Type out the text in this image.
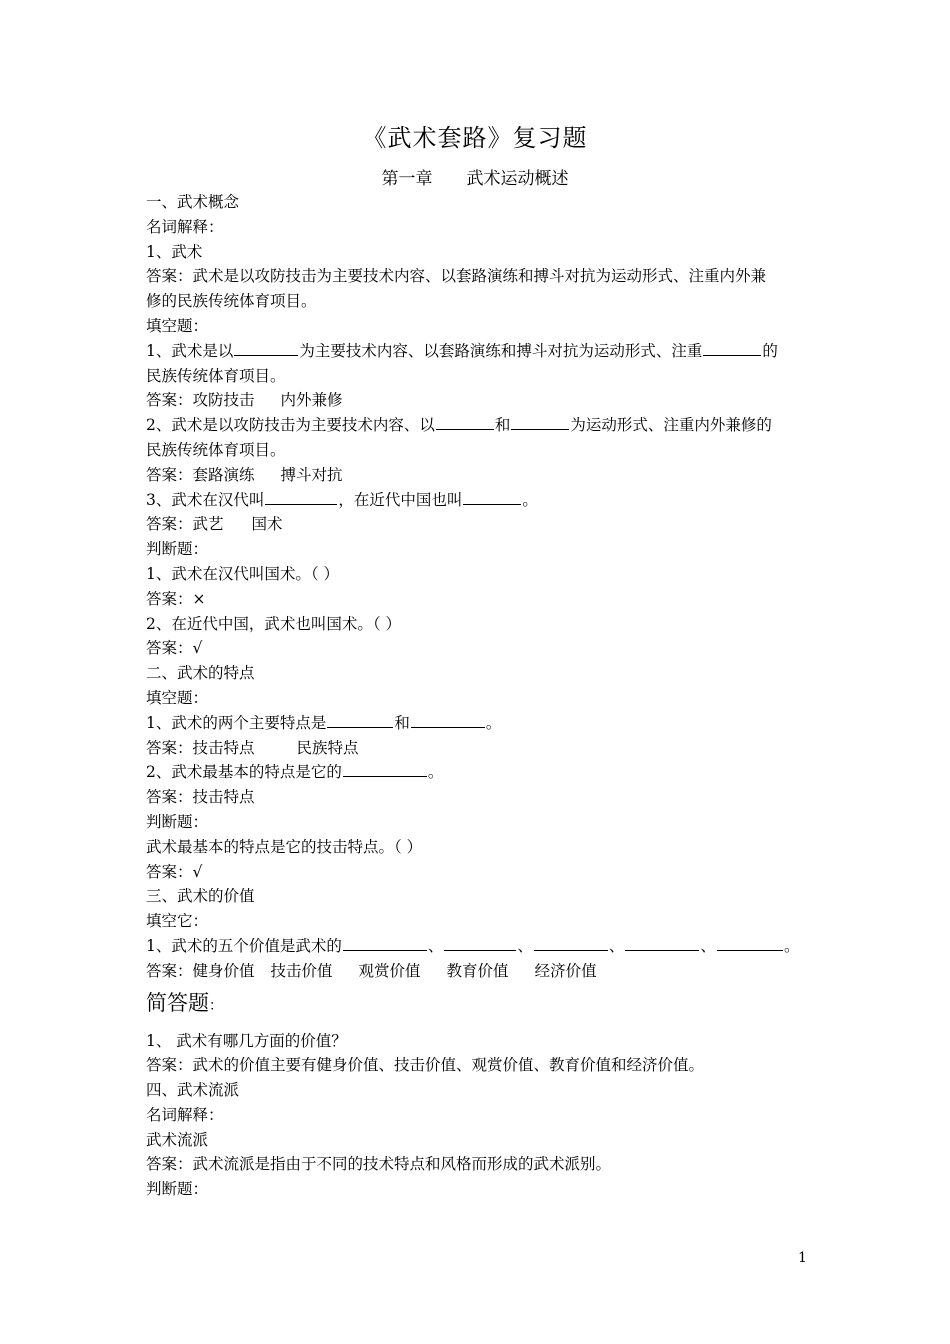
《武术套路》复习题
第一章 武术运动概述
一、武术概念
名词解释：
1、武术
答案：武术是以攻防技击为主要技术内容、以套路演练和搏斗对抗为运动形式、注重内外兼
修的民族传统体育项目。
填空题：
1、武术是以	为主要技术内容、以套路演练和搏斗对抗为运动形式、注重	的
民族传统体育项目。
答案：攻防技击 内外兼修
2、武术是以攻防技击为主要技术内容、以	和	为运动形式、注重内外兼修的
民族传统体育项目。
答案：套路演练 搏斗对抗
3、武术在汉代叫	，在近代中国也叫	。
答案：武艺 国术
判断题：
1、武术在汉代叫国术。（ ）
答案：×
2、在近代中国，武术也叫国术。（ ）
答案：√
二、武术的特点
填空题：
1、武术的两个主要特点是	和	。
答案：技击特点	民族特点
2、武术最基本的特点是它的	。
答案：技击特点
判断题：
武术最基本的特点是它的技击特点。（ ）
答案：√
三、武术的价值
填空它：
1、武术的五个价值是武术的	、	、	、	、	。
答案：健身价值 技击价值 观赏价值 教育价值 经济价值
简答题：
1、 武术有哪几方面的价值？
答案：武术的价值主要有健身价值、技击价值、观赏价值、教育价值和经济价值。
四、武术流派
名词解释：
武术流派
答案：武术流派是指由于不同的技术特点和风格而形成的武术派别。
判断题：
1
